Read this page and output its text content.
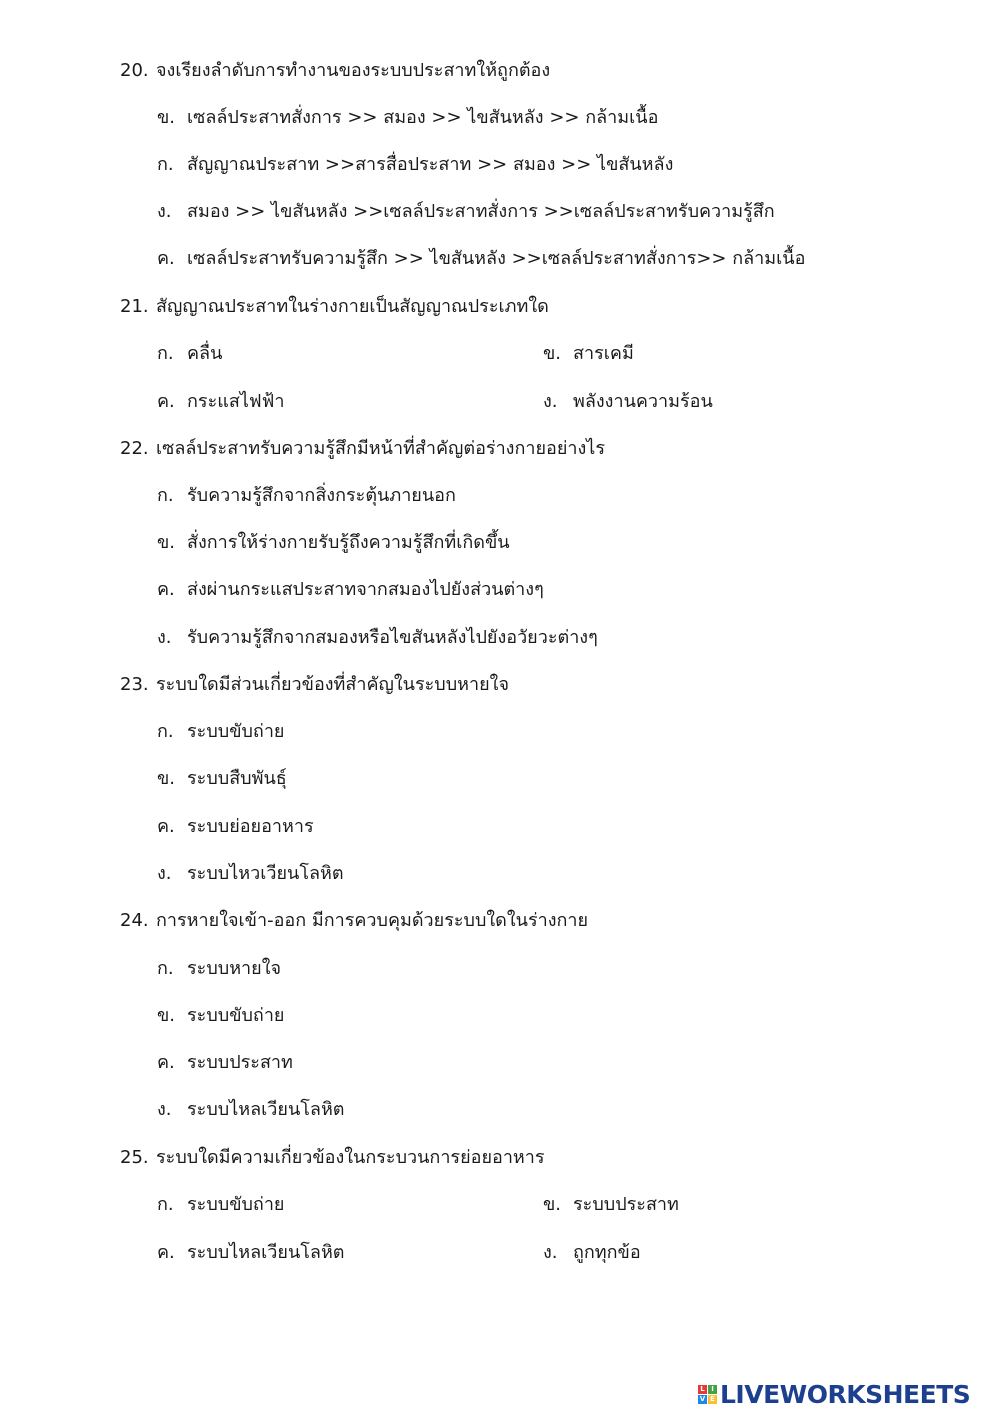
20. จงเรียงลำดับการทำงานของระบบประสาทให้ถูกต้อง
ข. เซลล์ประสาทสั่งการ >> สมอง >> ไขสันหลัง >> กล้ามเนื้อ
ก. สัญญาณประสาท >>สารสื่อประสาท >> สมอง >> ไขสันหลัง
ง. สมอง >> ไขสันหลัง >>เซลล์ประสาทสั่งการ >>เซลล์ประสาทรับความรู้สึก
ค. เซลล์ประสาทรับความรู้สึก >> ไขสันหลัง >>เซลล์ประสาทสั่งการ>> กล้ามเนื้อ
21. สัญญาณประสาทในร่างกายเป็นสัญญาณประเภทใด
ก. คลื่น	ข. สารเคมี
ค. กระแสไฟฟ้า	ง. พลังงานความร้อน
22. เซลล์ประสาทรับความรู้สึกมีหน้าที่สำคัญต่อร่างกายอย่างไร
ก. รับความรู้สึกจากสิ่งกระตุ้นภายนอก
ข. สั่งการให้ร่างกายรับรู้ถึงความรู้สึกที่เกิดขึ้น
ค. ส่งผ่านกระแสประสาทจากสมองไปยังส่วนต่างๆ
ง. รับความรู้สึกจากสมองหรือไขสันหลังไปยังอวัยวะต่างๆ
23. ระบบใดมีส่วนเกี่ยวข้องที่สำคัญในระบบหายใจ
ก. ระบบขับถ่าย
ข. ระบบสืบพันธุ์
ค. ระบบย่อยอาหาร
ง. ระบบไหวเวียนโลหิต
24. การหายใจเข้า-ออก มีการควบคุมด้วยระบบใดในร่างกาย
ก. ระบบหายใจ
ข. ระบบขับถ่าย
ค. ระบบประสาท
ง. ระบบไหลเวียนโลหิต
25. ระบบใดมีความเกี่ยวข้องในกระบวนการย่อยอาหาร
ก. ระบบขับถ่าย	ข. ระบบประสาท
ค. ระบบไหลเวียนโลหิต	ง. ถูกทุกข้อ
L I
V E LIVEWORKSHEETS
